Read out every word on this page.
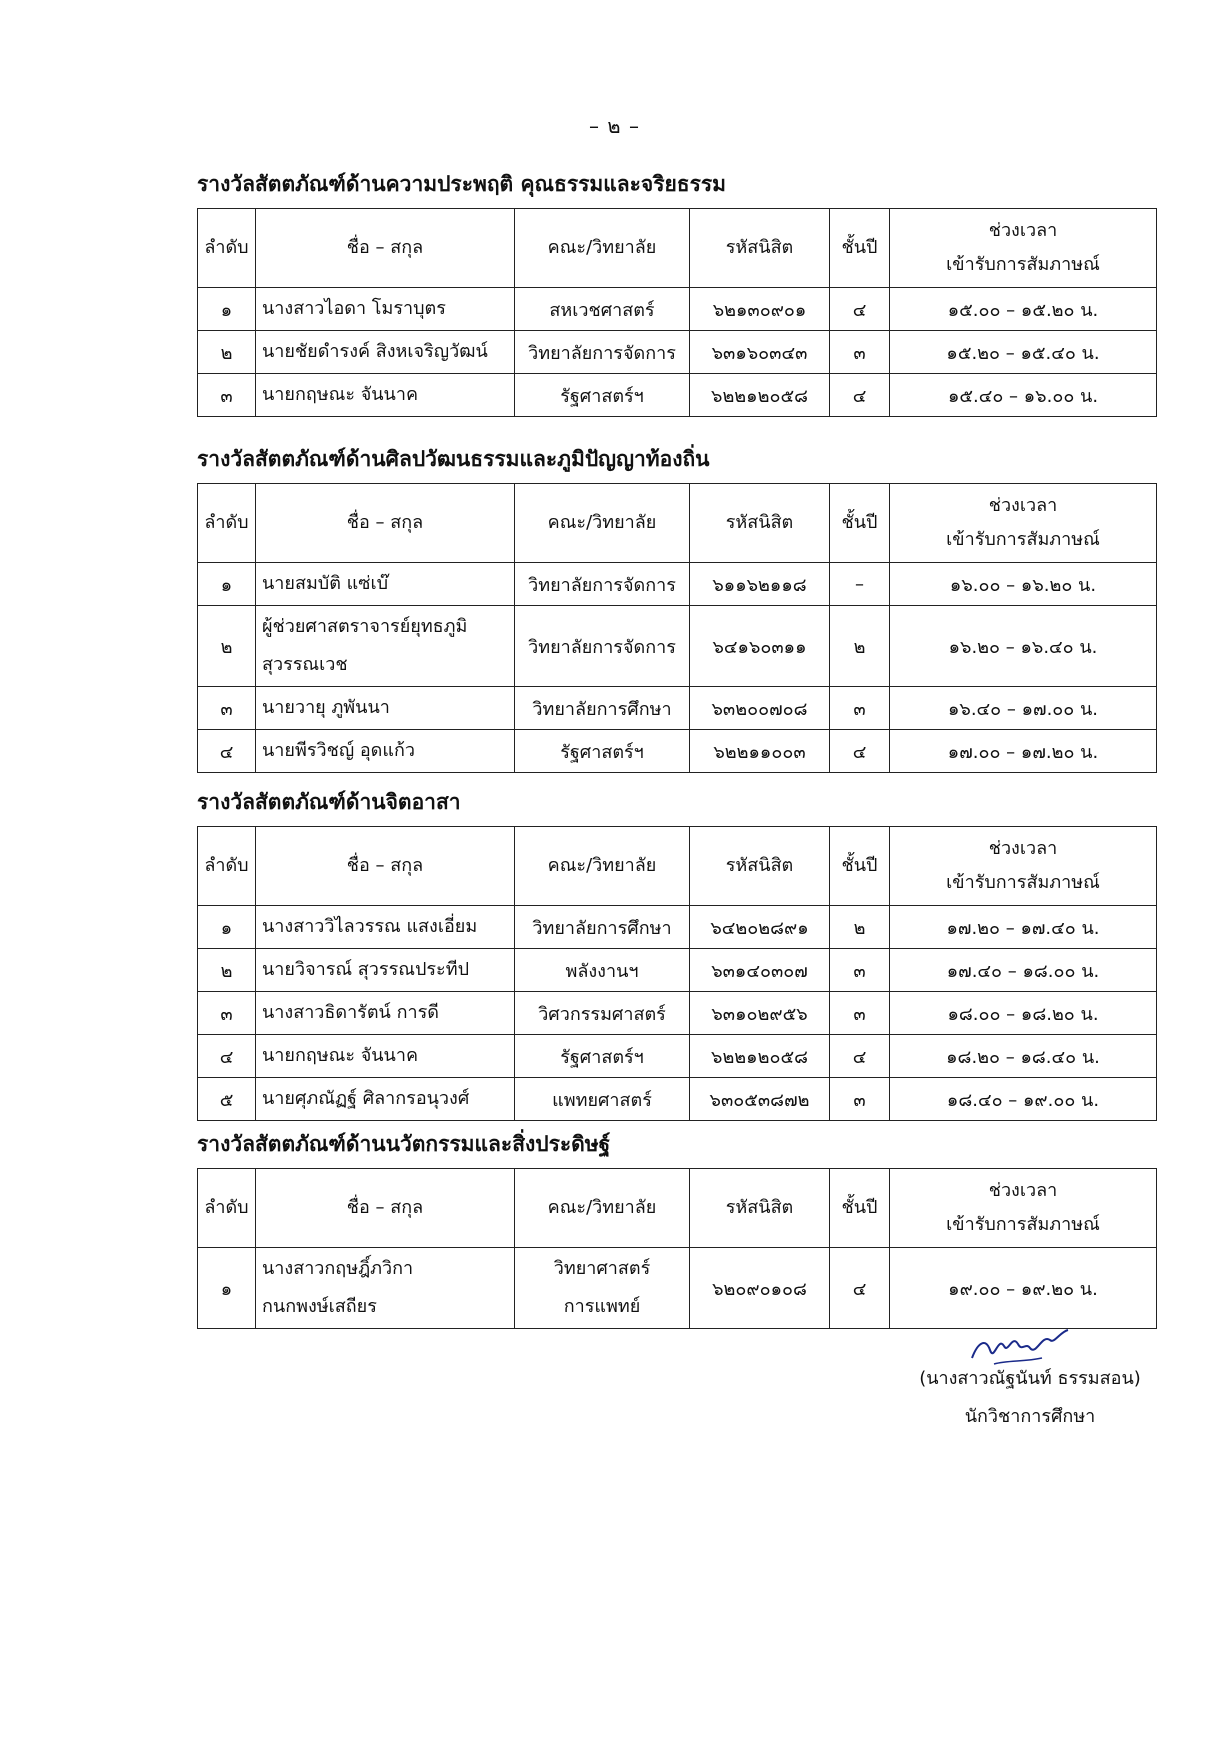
– ๒ –
รางวัลสัตตภัณฑ์ด้านความประพฤติ คุณธรรมและจริยธรรม
ลำดับ	ชื่อ – สกุล	คณะ/วิทยาลัย	รหัสนิสิต	ชั้นปี	ช่วงเวลา
เข้ารับการสัมภาษณ์
๑	นางสาวไอดา โมราบุตร	สหเวชศาสตร์	๖๒๑๓๐๙๐๑	๔	๑๕.๐๐ – ๑๕.๒๐ น.
๒	นายชัยดำรงค์ สิงหเจริญวัฒน์	วิทยาลัยการจัดการ	๖๓๑๖๐๓๔๓	๓	๑๕.๒๐ – ๑๕.๔๐ น.
๓	นายกฤษณะ จันนาค	รัฐศาสตร์ฯ	๖๒๒๑๒๐๕๘	๔	๑๕.๔๐ – ๑๖.๐๐ น.
รางวัลสัตตภัณฑ์ด้านศิลปวัฒนธรรมและภูมิปัญญาท้องถิ่น
ลำดับ	ชื่อ – สกุล	คณะ/วิทยาลัย	รหัสนิสิต	ชั้นปี	ช่วงเวลา
เข้ารับการสัมภาษณ์
๑	นายสมบัติ แซ่เบ๊	วิทยาลัยการจัดการ	๖๑๑๖๒๑๑๘	–	๑๖.๐๐ – ๑๖.๒๐ น.
๒	ผู้ช่วยศาสตราจารย์ยุทธภูมิ
สุวรรณเวช	วิทยาลัยการจัดการ	๖๔๑๖๐๓๑๑	๒	๑๖.๒๐ – ๑๖.๔๐ น.
๓	นายวายุ ภูพันนา	วิทยาลัยการศึกษา	๖๓๒๐๐๗๐๘	๓	๑๖.๔๐ – ๑๗.๐๐ น.
๔	นายพีรวิชญ์ อุดแก้ว	รัฐศาสตร์ฯ	๖๒๒๑๑๐๐๓	๔	๑๗.๐๐ – ๑๗.๒๐ น.
รางวัลสัตตภัณฑ์ด้านจิตอาสา
ลำดับ	ชื่อ – สกุล	คณะ/วิทยาลัย	รหัสนิสิต	ชั้นปี	ช่วงเวลา
เข้ารับการสัมภาษณ์
๑	นางสาววิไลวรรณ แสงเอี่ยม	วิทยาลัยการศึกษา	๖๔๒๐๒๘๙๑	๒	๑๗.๒๐ – ๑๗.๔๐ น.
๒	นายวิจารณ์ สุวรรณประทีป	พลังงานฯ	๖๓๑๔๐๓๐๗	๓	๑๗.๔๐ – ๑๘.๐๐ น.
๓	นางสาวธิดารัตน์ การดี	วิศวกรรมศาสตร์	๖๓๑๐๒๙๕๖	๓	๑๘.๐๐ – ๑๘.๒๐ น.
๔	นายกฤษณะ จันนาค	รัฐศาสตร์ฯ	๖๒๒๑๒๐๕๘	๔	๑๘.๒๐ – ๑๘.๔๐ น.
๕	นายศุภณัฏฐ์ ศิลากรอนุวงศ์	แพทยศาสตร์	๖๓๐๕๓๘๗๒	๓	๑๘.๔๐ – ๑๙.๐๐ น.
รางวัลสัตตภัณฑ์ด้านนวัตกรรมและสิ่งประดิษฐ์
ลำดับ	ชื่อ – สกุล	คณะ/วิทยาลัย	รหัสนิสิต	ชั้นปี	ช่วงเวลา
เข้ารับการสัมภาษณ์
๑	นางสาวกฤษฎิ์ภวิกา
กนกพงษ์เสถียร	วิทยาศาสตร์
การแพทย์	๖๒๐๙๐๑๐๘	๔	๑๙.๐๐ – ๑๙.๒๐ น.
(นางสาวณัฐนันท์ ธรรมสอน)
นักวิชาการศึกษา
